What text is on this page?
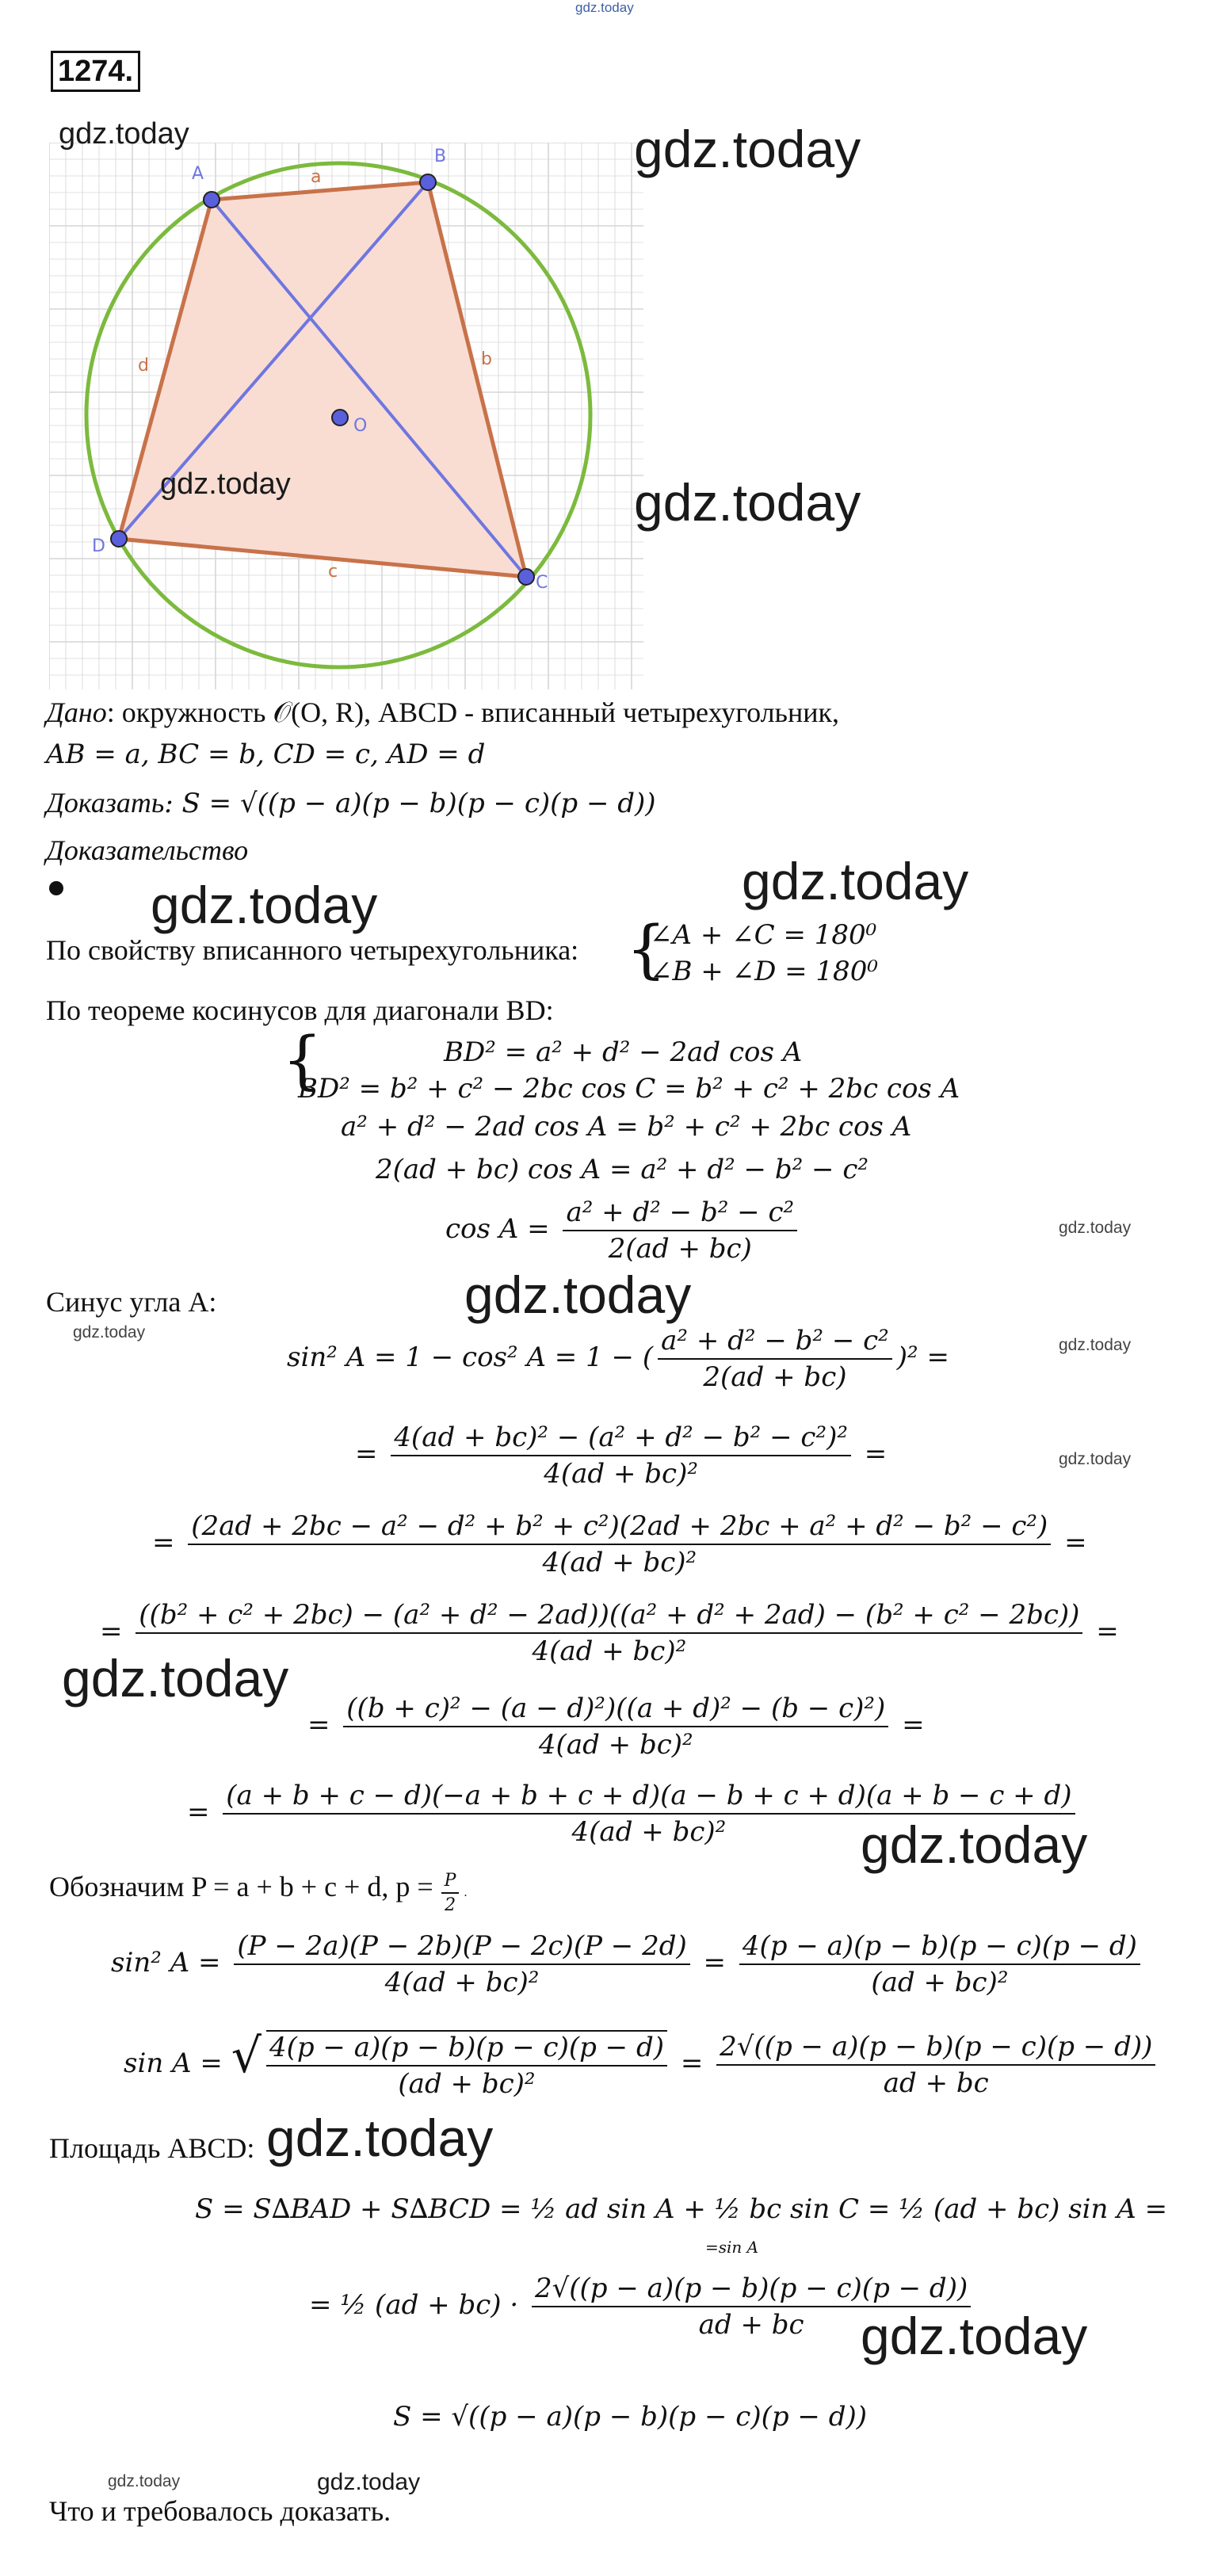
gdz.today
1274.
A
B
C
D
O
a
b
c
d
gdz.today
gdz.today
gdz.today
gdz.today
Дано: окружность 𝒪(O, R), ABCD - вписанный четырехугольник,
AB = a, BC = b, CD = c, AD = d
Доказать: S = √((p − a)(p − b)(p − c)(p − d))
Доказательство
gdz.today	gdz.today
По свойству вписанного четырехугольника: {
∠A + ∠C = 180⁰
∠B + ∠D = 180⁰
По теореме косинусов для диагонали BD:
{	BD² = a² + d² − 2ad cos A
BD² = b² + c² − 2bc cos C = b² + c² + 2bc cos A
a² + d² − 2ad cos A = b² + c² + 2bc cos A
2(ad + bc) cos A = a² + d² − b² − c²
$\cos A = \frac{\text{a² + d² − b² − c²}}{2(ad + bc)}$	gdz.today
Синус угла A:	gdz.today
gdz.today
gdz.today
sin² A = 1 − cos² A = 1 − ( $\frac{\text{a² + d² − b² − c²}}{2(ad + bc)} )^2$ =
= $\frac{\text{4(ad + bc)² − (a² + d² − b² − c²)²}}{\text{4(ad + bc)²}}$ =	gdz.today
=
(2ad + 2bc − a² − d² + b² + c²)(2ad + 2bc + a² + d² − b² − c²)
4(ad + bc)²
=
=
((b² + c² + 2bc) − (a² + d² − 2ad))((a² + d² + 2ad) − (b² + c² − 2bc))
4(ad + bc)²
=
gdz.today
= $\frac{\text{((b + c)² − (a − d)²)((a + d)² − (b − c)²)}}{\text{4(ad + bc)²}}$ =
=
(a + b + c − d)(−a + b + c + d)(a − b + c + d)(a + b − c + d)
4(ad + bc)²	gdz.today
Обозначим P = a + b + c + d, $p = \frac{P}{2}$ .
sin² $A = \frac{(P - 2a)(P - 2b)(P - 2c)(P - 2d)}{\text{4(ad + bc)²}} = \frac{4(p - a)(p - b)(p - c)(p - d)}{\text{(ad + bc)²}}$
sin A = √ $\frac{4(p - a)(p - b)(p - c)(p - d)}{\text{(ad + bc)²}} = \frac{2√((p - a)(p - b)(p - c)(p - d))}{ad + bc}$
Площадь ABCD: gdz.today
S = S∆BAD + S∆BCD = ½ ad sin A + ½ bc sin C = ½ (ad + bc) sin A =
=sin A
= ½ $(ad + bc) \cdot \frac{2√((p - a)(p - b)(p - c)(p - d))}{ad + bc}$
gdz.today
S = √((p − a)(p − b)(p − c)(p − d))
gdz.today	gdz.today
Что и требовалось доказать.
